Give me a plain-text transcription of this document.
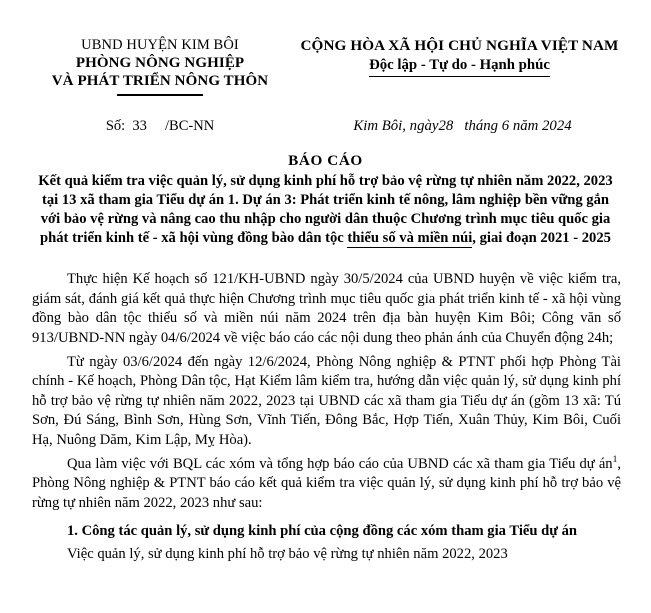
UBND HUYỆN KIM BÔI
PHÒNG NÔNG NGHIỆP
VÀ PHÁT TRIỂN NÔNG THÔN
CỘNG HÒA XÃ HỘI CHỦ NGHĨA VIỆT NAM
Độc lập - Tự do - Hạnh phúc
Số:  33     /BC-NN	Kim Bôi, ngày28   tháng 6 năm 2024
BÁO CÁO
Kết quả kiểm tra việc quản lý, sử dụng kinh phí hỗ trợ bảo vệ rừng tự nhiên năm 2022, 2023 tại 13 xã tham gia Tiểu dự án 1. Dự án 3: Phát triển kinh tế nông, lâm nghiệp bền vững gắn với bảo vệ rừng và nâng cao thu nhập cho người dân thuộc Chương trình mục tiêu quốc gia phát triển kinh tế - xã hội vùng đồng bào dân tộc thiểu số và miền núi, giai đoạn 2021 - 2025

Thực hiện Kế hoạch số 121/KH-UBND ngày 30/5/2024 của UBND huyện về việc kiểm tra, giám sát, đánh giá kết quả thực hiện Chương trình mục tiêu quốc gia phát triển kinh tế - xã hội vùng đồng bào dân tộc thiểu số và miền núi năm 2024 trên địa bàn huyện Kim Bôi; Công văn số 913/UBND-NN ngày 04/6/2024 về việc báo cáo các nội dung theo phản ánh của Chuyển động 24h;

Từ ngày 03/6/2024 đến ngày 12/6/2024, Phòng Nông nghiệp & PTNT phối hợp Phòng Tài chính - Kế hoạch, Phòng Dân tộc, Hạt Kiểm lâm kiểm tra, hướng dẫn việc quản lý, sử dụng kinh phí hỗ trợ bảo vệ rừng tự nhiên năm 2022, 2023 tại UBND các xã tham gia Tiểu dự án (gồm 13 xã: Tú Sơn, Đú Sáng, Bình Sơn, Hùng Sơn, Vĩnh Tiến, Đông Bắc, Hợp Tiến, Xuân Thủy, Kim Bôi, Cuối Hạ, Nuông Dăm, Kim Lập, Mỵ Hòa).

Qua làm việc với BQL các xóm và tổng hợp báo cáo của UBND các xã tham gia Tiểu dự án$^1$, Phòng Nông nghiệp & PTNT báo cáo kết quả kiểm tra việc quản lý, sử dụng kinh phí hỗ trợ bảo vệ rừng tự nhiên năm 2022, 2023 như sau:

1. Công tác quản lý, sử dụng kinh phí của cộng đồng các xóm tham gia Tiểu dự án

Việc quản lý, sử dụng kinh phí hỗ trợ bảo vệ rừng tự nhiên năm 2022, 2023
